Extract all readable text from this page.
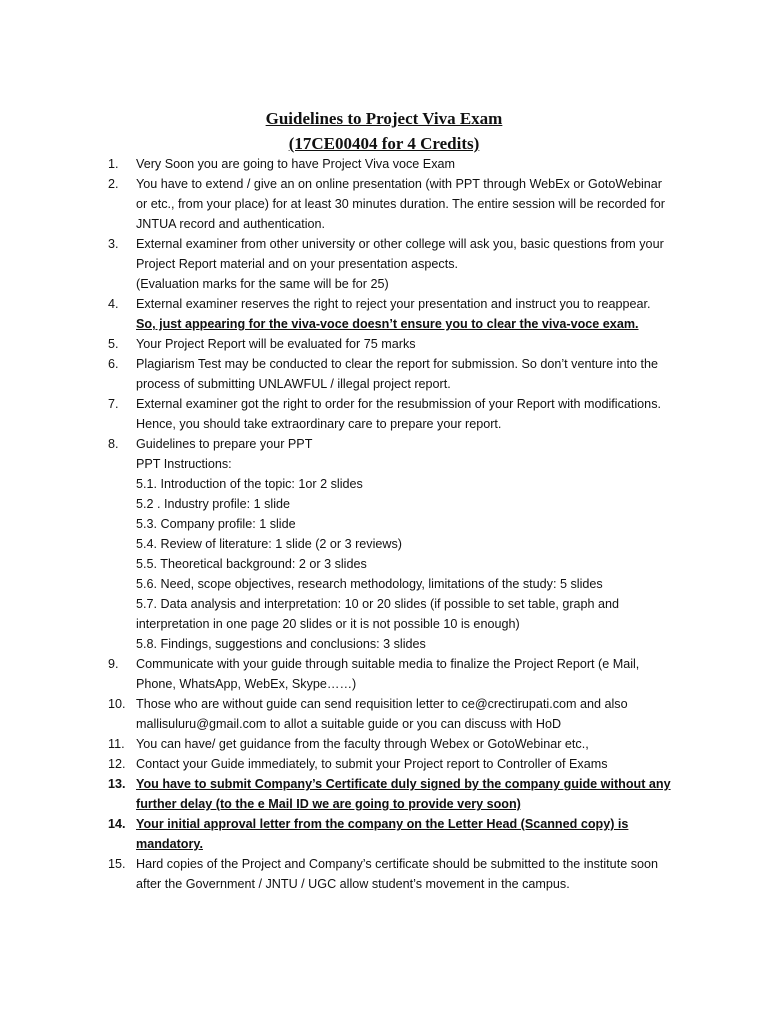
Guidelines to Project Viva Exam
(17CE00404 for 4 Credits)
1.	Very Soon you are going to have Project Viva voce Exam
2.	You have to extend / give an on online presentation (with PPT through WebEx or GotoWebinar
or etc., from your place) for at least 30 minutes duration. The entire session will be recorded for
JNTUA record and authentication.
3.	External examiner from other university or other college will ask you, basic questions from your
Project Report material and on your presentation aspects.
(Evaluation marks for the same will be for 25)
4.	External examiner reserves the right to reject your presentation and instruct you to reappear.
So, just appearing for the viva-voce doesn’t ensure you to clear the viva-voce exam.
5.	Your Project Report will be evaluated for 75 marks
6.	Plagiarism Test may be conducted to clear the report for submission. So don’t venture into the
process of submitting UNLAWFUL / illegal project report.
7.	External examiner got the right to order for the resubmission of your Report with modifications.
Hence, you should take extraordinary care to prepare your report.
8.	Guidelines to prepare your PPT
PPT Instructions:
5.1. Introduction of the topic: 1or 2 slides
5.2 . Industry profile: 1 slide
5.3. Company profile: 1 slide
5.4. Review of literature: 1 slide (2 or 3 reviews)
5.5. Theoretical background: 2 or 3 slides
5.6. Need, scope objectives, research methodology, limitations of the study: 5 slides
5.7. Data analysis and interpretation: 10 or 20 slides (if possible to set table, graph and
interpretation in one page 20 slides or it is not possible 10 is enough)
5.8. Findings, suggestions and conclusions: 3 slides
9.	Communicate with your guide through suitable media to finalize the Project Report (e Mail,
Phone, WhatsApp, WebEx, Skype……)
10. Those who are without guide can send requisition letter to ce@crectirupati.com and also
mallisuluru@gmail.com to allot a suitable guide or you can discuss with HoD
11. You can have/ get guidance from the faculty through Webex or GotoWebinar etc.,
12. Contact your Guide immediately, to submit your Project report to Controller of Exams
13. You have to submit Company’s Certificate duly signed by the company guide without any
further delay (to the e Mail ID we are going to provide very soon)
14. Your initial approval letter from the company on the Letter Head (Scanned copy) is
mandatory.
15. Hard copies of the Project and Company’s certificate should be submitted to the institute soon
after the Government / JNTU / UGC allow student’s movement in the campus.
